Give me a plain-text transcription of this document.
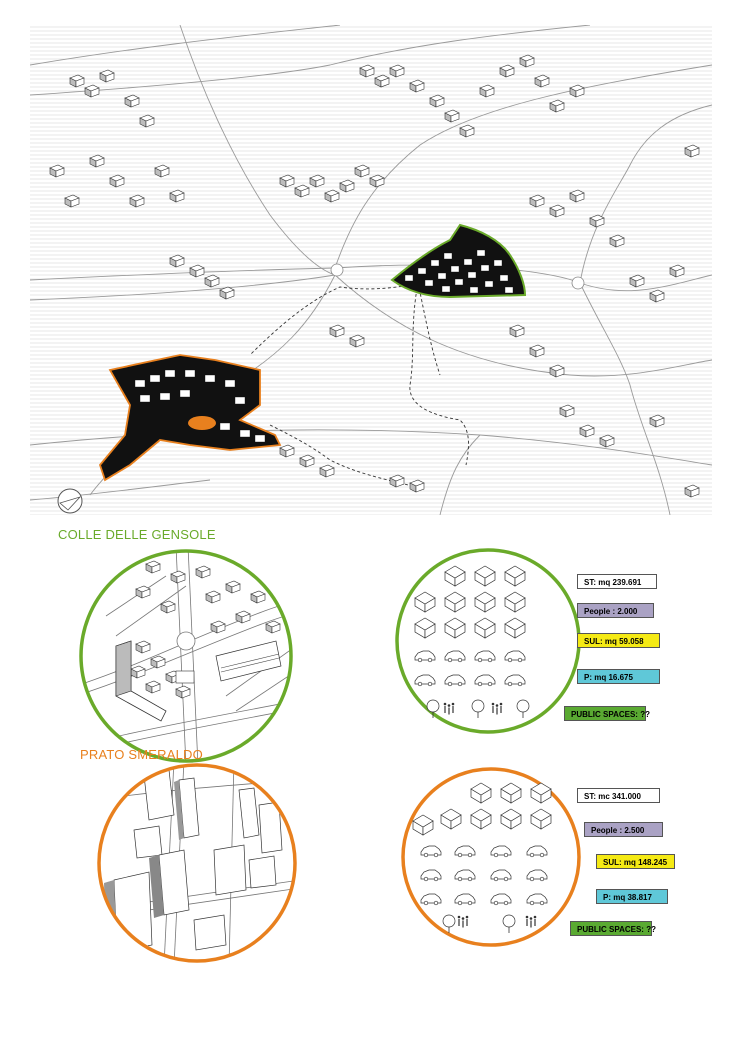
COLLE DELLE GENSOLE
ST: mq 239.691
People : 2.000
SUL: mq 59.058
P: mq 16.675
PUBLIC SPACES: ??
PRATO SMERALDO
ST: mc 341.000
People : 2.500
SUL: mq 148.245
P: mq 38.817
PUBLIC SPACES: ??
